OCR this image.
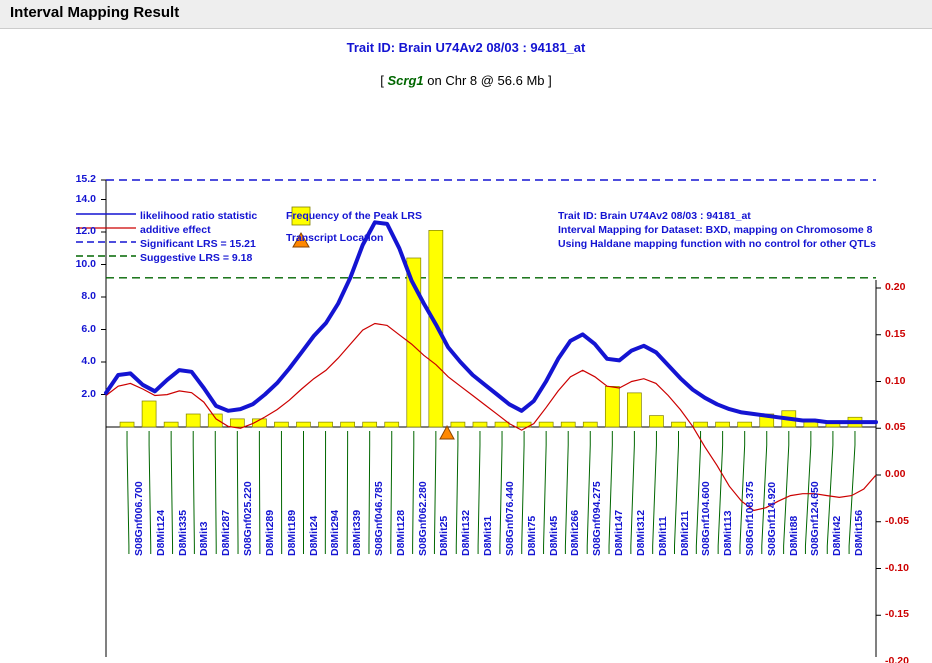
Interval Mapping Result
Trait ID: Brain U74Av2 08/03 : 94181_at
[ Scrg1 on Chr 8 @ 56.6 Mb ]
likelihood ratio statistic
additive effect
Significant LRS = 15.21
Suggestive LRS = 9.18
Frequency of the Peak LRS
Transcript Location
Trait ID: Brain U74Av2 08/03 : 94181_at
Interval Mapping for Dataset: BXD, mapping on Chromosome 8
Using Haldane mapping function with no control for other QTLs
15.2
14.0
12.0
10.0
8.0
6.0
4.0
2.0
0.20
0.15
0.10
0.05
0.00
-0.05
-0.10
-0.15
-0.20
S08Gnf006.700 D8Mit124 D8Mit335 D8Mit3 D8Mit287 S08Gnf025.220 D8Mit289 D8Mit189 D8Mit24 D8Mit294 D8Mit339 S08Gnf046.785 D8Mit128 S08Gnf062.280 D8Mit25 D8Mit132 D8Mit31 S08Gnf076.440 D8Mit75 D8Mit45 D8Mit266 S08Gnf094.275 D8Mit147 D8Mit312 D8Mit11 D8Mit211 S08Gnf104.600 D8Mit113 S08Gnf108.375 S08Gnf114.920 D8Mit88 S08Gnf124.650 D8Mit42 D8Mit156
